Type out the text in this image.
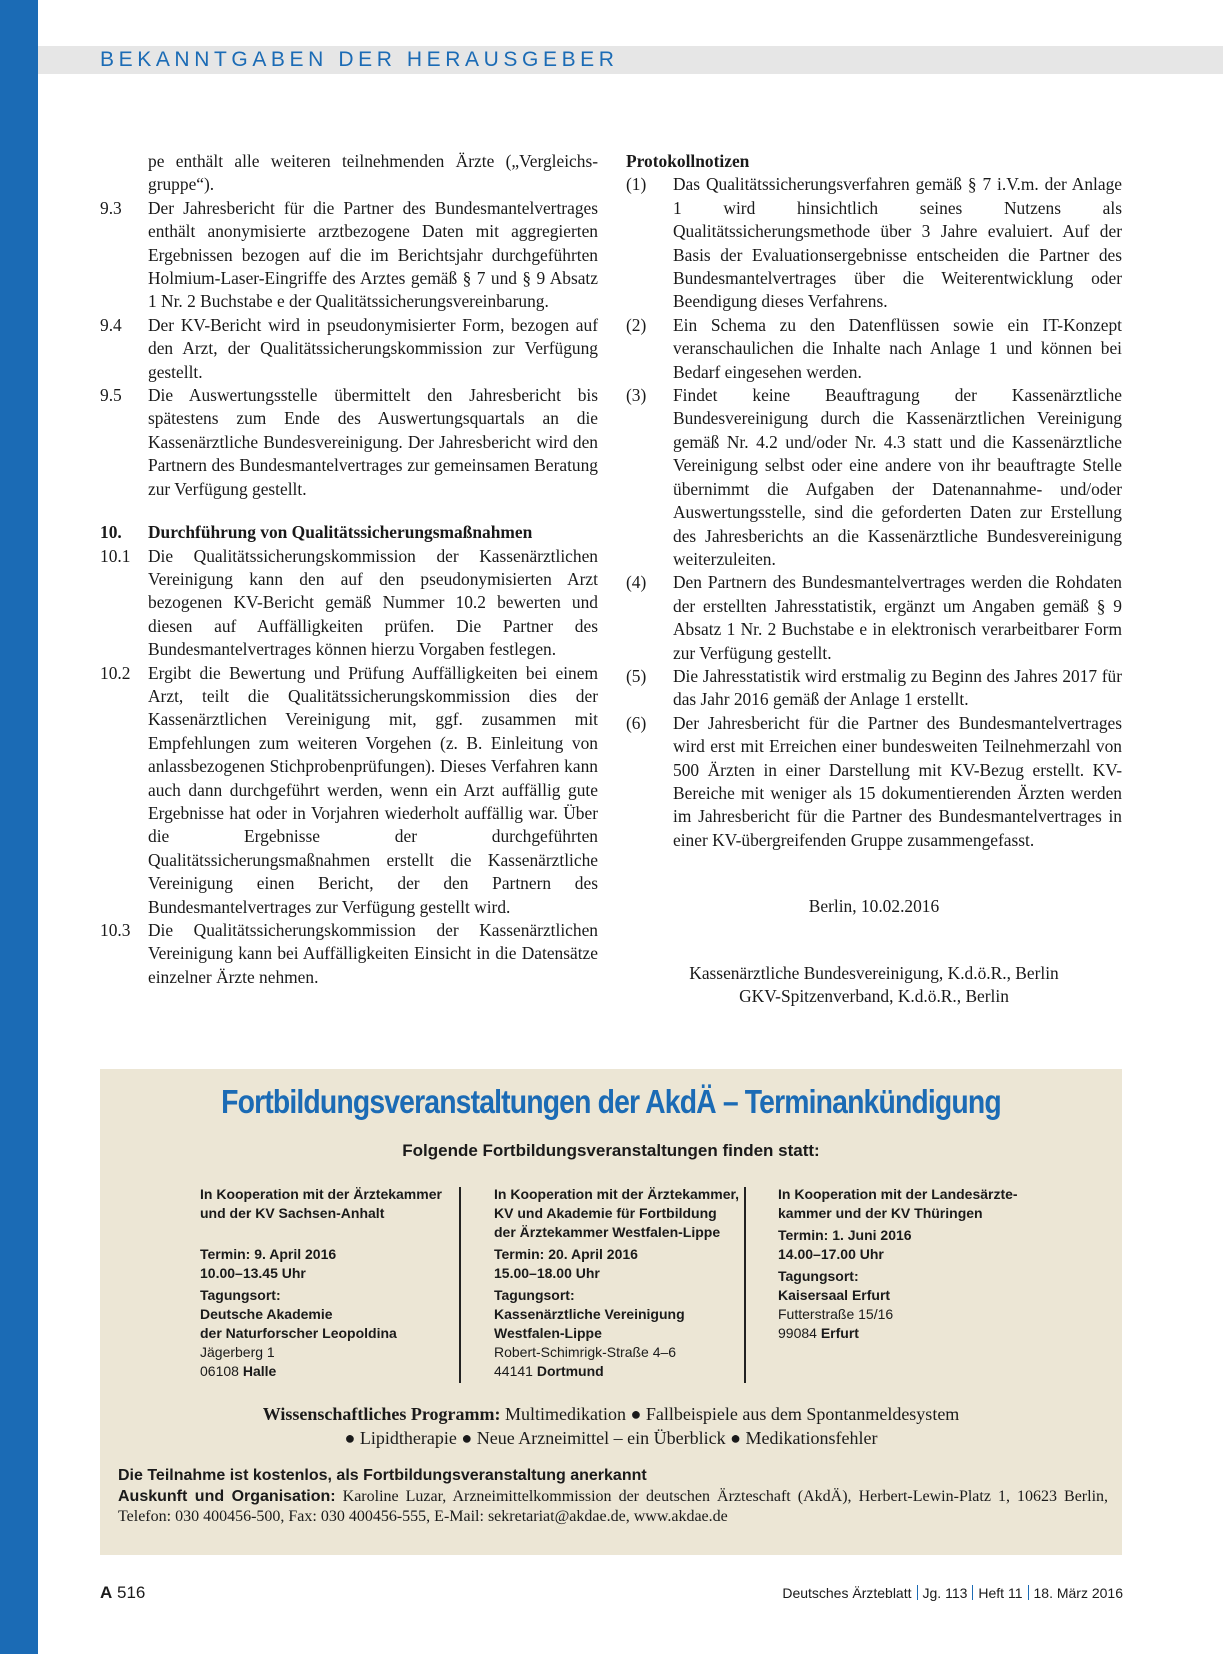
BEKANNTGABEN DER HERAUSGEBER
pe enthält alle weiteren teilnehmenden Ärzte („Vergleichs-gruppe“).
9.3	Der Jahresbericht für die Partner des Bundesmantelvertrages enthält anonymisierte arztbezogene Daten mit aggregierten Ergebnissen bezogen auf die im Berichtsjahr durchgeführten Holmium-Laser-Eingriffe des Arztes gemäß § 7 und § 9 Absatz 1 Nr. 2 Buchstabe e der Qualitätssicherungsvereinbarung.
9.4	Der KV-Bericht wird in pseudonymisierter Form, bezogen auf den Arzt, der Qualitätssicherungskommission zur Verfügung gestellt.
9.5	Die Auswertungsstelle übermittelt den Jahresbericht bis spätestens zum Ende des Auswertungsquartals an die Kassenärztliche Bundesvereinigung. Der Jahresbericht wird den Partnern des Bundesmantelvertrages zur gemeinsamen Beratung zur Verfügung gestellt.
10.	Durchführung von Qualitätssicherungsmaßnahmen
10.1	Die Qualitätssicherungskommission der Kassenärztlichen Vereinigung kann den auf den pseudonymisierten Arzt bezogenen KV-Bericht gemäß Nummer 10.2 bewerten und diesen auf Auffälligkeiten prüfen. Die Partner des Bundesmantelvertrages können hierzu Vorgaben festlegen.
10.2	Ergibt die Bewertung und Prüfung Auffälligkeiten bei einem Arzt, teilt die Qualitätssicherungskommission dies der Kassenärztlichen Vereinigung mit, ggf. zusammen mit Empfehlungen zum weiteren Vorgehen (z. B. Einleitung von anlassbezogenen Stichprobenprüfungen). Dieses Verfahren kann auch dann durchgeführt werden, wenn ein Arzt auffällig gute Ergebnisse hat oder in Vorjahren wiederholt auffällig war. Über die Ergebnisse der durchgeführten Qualitätssicherungsmaßnahmen erstellt die Kassenärztliche Vereinigung einen Bericht, der den Partnern des Bundesmantelvertrages zur Verfügung gestellt wird.
10.3	Die Qualitätssicherungskommission der Kassenärztlichen Vereinigung kann bei Auffälligkeiten Einsicht in die Datensätze einzelner Ärzte nehmen.
Protokollnotizen
(1)	Das Qualitätssicherungsverfahren gemäß § 7 i.V.m. der Anlage 1 wird hinsichtlich seines Nutzens als Qualitätssicherungsmethode über 3 Jahre evaluiert. Auf der Basis der Evaluationsergebnisse entscheiden die Partner des Bundesmantelvertrages über die Weiterentwicklung oder Beendigung dieses Verfahrens.
(2)	Ein Schema zu den Datenflüssen sowie ein IT-Konzept veranschaulichen die Inhalte nach Anlage 1 und können bei Bedarf eingesehen werden.
(3)	Findet keine Beauftragung der Kassenärztliche Bundesvereinigung durch die Kassenärztlichen Vereinigung gemäß Nr. 4.2 und/oder Nr. 4.3 statt und die Kassenärztliche Vereinigung selbst oder eine andere von ihr beauftragte Stelle übernimmt die Aufgaben der Datenannahme- und/oder Auswertungsstelle, sind die geforderten Daten zur Erstellung des Jahresberichts an die Kassenärztliche Bundesvereinigung weiterzuleiten.
(4)	Den Partnern des Bundesmantelvertrages werden die Rohdaten der erstellten Jahresstatistik, ergänzt um Angaben gemäß § 9 Absatz 1 Nr. 2 Buchstabe e in elektronisch verarbeitbarer Form zur Verfügung gestellt.
(5)	Die Jahresstatistik wird erstmalig zu Beginn des Jahres 2017 für das Jahr 2016 gemäß der Anlage 1 erstellt.
(6)	Der Jahresbericht für die Partner des Bundesmantelvertrages wird erst mit Erreichen einer bundesweiten Teilnehmerzahl von 500 Ärzten in einer Darstellung mit KV-Bezug erstellt. KV-Bereiche mit weniger als 15 dokumentierenden Ärzten werden im Jahresbericht für die Partner des Bundesmantelvertrages in einer KV-übergreifenden Gruppe zusammengefasst.
Berlin, 10.02.2016
Kassenärztliche Bundesvereinigung, K.d.ö.R., Berlin
GKV-Spitzenverband, K.d.ö.R., Berlin
Fortbildungsveranstaltungen der AkdÄ – Terminankündigung
Folgende Fortbildungsveranstaltungen finden statt:
In Kooperation mit der Ärztekammer
und der KV Sachsen-Anhalt
Termin: 9. April 2016
10.00–13.45 Uhr
Tagungsort:
Deutsche Akademie
der Naturforscher Leopoldina
Jägerberg 1
06108 Halle
In Kooperation mit der Ärztekammer,
KV und Akademie für Fortbildung
der Ärztekammer Westfalen-Lippe
Termin: 20. April 2016
15.00–18.00 Uhr
Tagungsort:
Kassenärztliche Vereinigung
Westfalen-Lippe
Robert-Schimrigk-Straße 4–6
44141 Dortmund
In Kooperation mit der Landesärzte-
kammer und der KV Thüringen
Termin: 1. Juni 2016
14.00–17.00 Uhr
Tagungsort:
Kaisersaal Erfurt
Futterstraße 15/16
99084 Erfurt
Wissenschaftliches Programm: Multimedikation ● Fallbeispiele aus dem Spontanmeldesystem
● Lipidtherapie ● Neue Arzneimittel – ein Überblick ● Medikationsfehler
Die Teilnahme ist kostenlos, als Fortbildungsveranstaltung anerkannt
Auskunft und Organisation: Karoline Luzar, Arzneimittelkommission der deutschen Ärzteschaft (AkdÄ), Herbert-Lewin-Platz 1, 10623 Berlin, Telefon: 030 400456-500, Fax: 030 400456-555, E-Mail: sekretariat@akdae.de, www.akdae.de
A 516	Deutsches Ärzteblatt Jg. 113 Heft 11 18. März 2016
